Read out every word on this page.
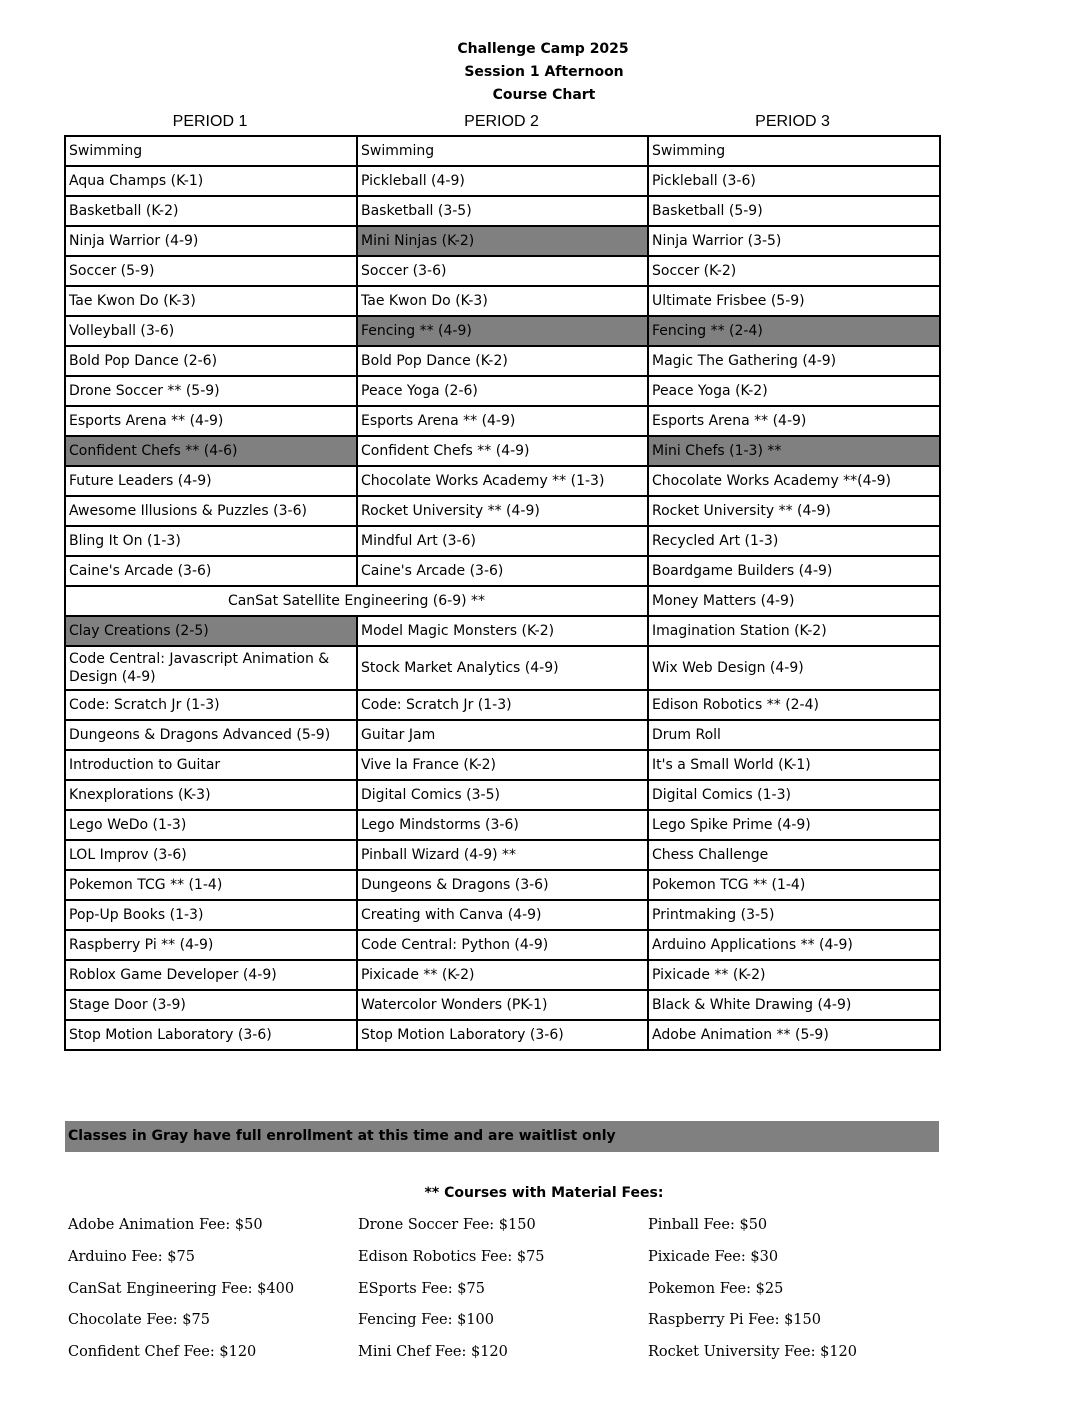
Challenge Camp 2025
Session 1 Afternoon
Course Chart
PERIOD 1	PERIOD 2	PERIOD 3
Swimming	Swimming	Swimming
Aqua Champs (K-1)	Pickleball (4-9)	Pickleball (3-6)
Basketball (K-2)	Basketball (3-5)	Basketball (5-9)
Ninja Warrior (4-9)	Mini Ninjas (K-2)	Ninja Warrior (3-5)
Soccer (5-9)	Soccer (3-6)	Soccer (K-2)
Tae Kwon Do (K-3)	Tae Kwon Do (K-3)	Ultimate Frisbee (5-9)
Volleyball (3-6)	Fencing ** (4-9)	Fencing ** (2-4)
Bold Pop Dance (2-6)	Bold Pop Dance (K-2)	Magic The Gathering (4-9)
Drone Soccer ** (5-9)	Peace Yoga (2-6)	Peace Yoga (K-2)
Esports Arena ** (4-9)	Esports Arena ** (4-9)	Esports Arena ** (4-9)
Confident Chefs ** (4-6)	Confident Chefs ** (4-9)	Mini Chefs (1-3) **
Future Leaders (4-9)	Chocolate Works Academy ** (1-3)	Chocolate Works Academy **(4-9)
Awesome Illusions & Puzzles (3-6)	Rocket University ** (4-9)	Rocket University ** (4-9)
Bling It On (1-3)	Mindful Art (3-6)	Recycled Art (1-3)
Caine's Arcade (3-6)	Caine's Arcade (3-6)	Boardgame Builders (4-9)
CanSat Satellite Engineering (6-9) **		Money Matters (4-9)
Clay Creations (2-5)	Model Magic Monsters (K-2)	Imagination Station (K-2)
Code Central: Javascript Animation & Design (4-9)	Stock Market Analytics (4-9)	Wix Web Design (4-9)
Code: Scratch Jr (1-3)	Code: Scratch Jr (1-3)	Edison Robotics ** (2-4)
Dungeons & Dragons Advanced (5-9)	Guitar Jam	Drum Roll
Introduction to Guitar	Vive la France (K-2)	It's a Small World (K-1)
Knexplorations (K-3)	Digital Comics (3-5)	Digital Comics (1-3)
Lego WeDo (1-3)	Lego Mindstorms (3-6)	Lego Spike Prime (4-9)
LOL Improv (3-6)	Pinball Wizard (4-9) **	Chess Challenge
Pokemon TCG ** (1-4)	Dungeons & Dragons (3-6)	Pokemon TCG ** (1-4)
Pop-Up Books (1-3)	Creating with Canva (4-9)	Printmaking (3-5)
Raspberry Pi ** (4-9)	Code Central: Python (4-9)	Arduino Applications ** (4-9)
Roblox Game Developer (4-9)	Pixicade ** (K-2)	Pixicade ** (K-2)
Stage Door (3-9)	Watercolor Wonders (PK-1)	Black & White Drawing (4-9)
Stop Motion Laboratory (3-6)	Stop Motion Laboratory (3-6)	Adobe Animation ** (5-9)
Classes in Gray have full enrollment at this time and are waitlist only
** Courses with Material Fees:
Adobe Animation Fee: $50
Arduino Fee: $75
CanSat Engineering Fee: $400
Chocolate Fee: $75
Confident Chef Fee: $120
Drone Soccer Fee: $150
Edison Robotics Fee: $75
ESports Fee: $75
Fencing Fee: $100
Mini Chef Fee: $120
Pinball Fee: $50
Pixicade Fee: $30
Pokemon Fee: $25
Raspberry Pi Fee: $150
Rocket University Fee: $120
